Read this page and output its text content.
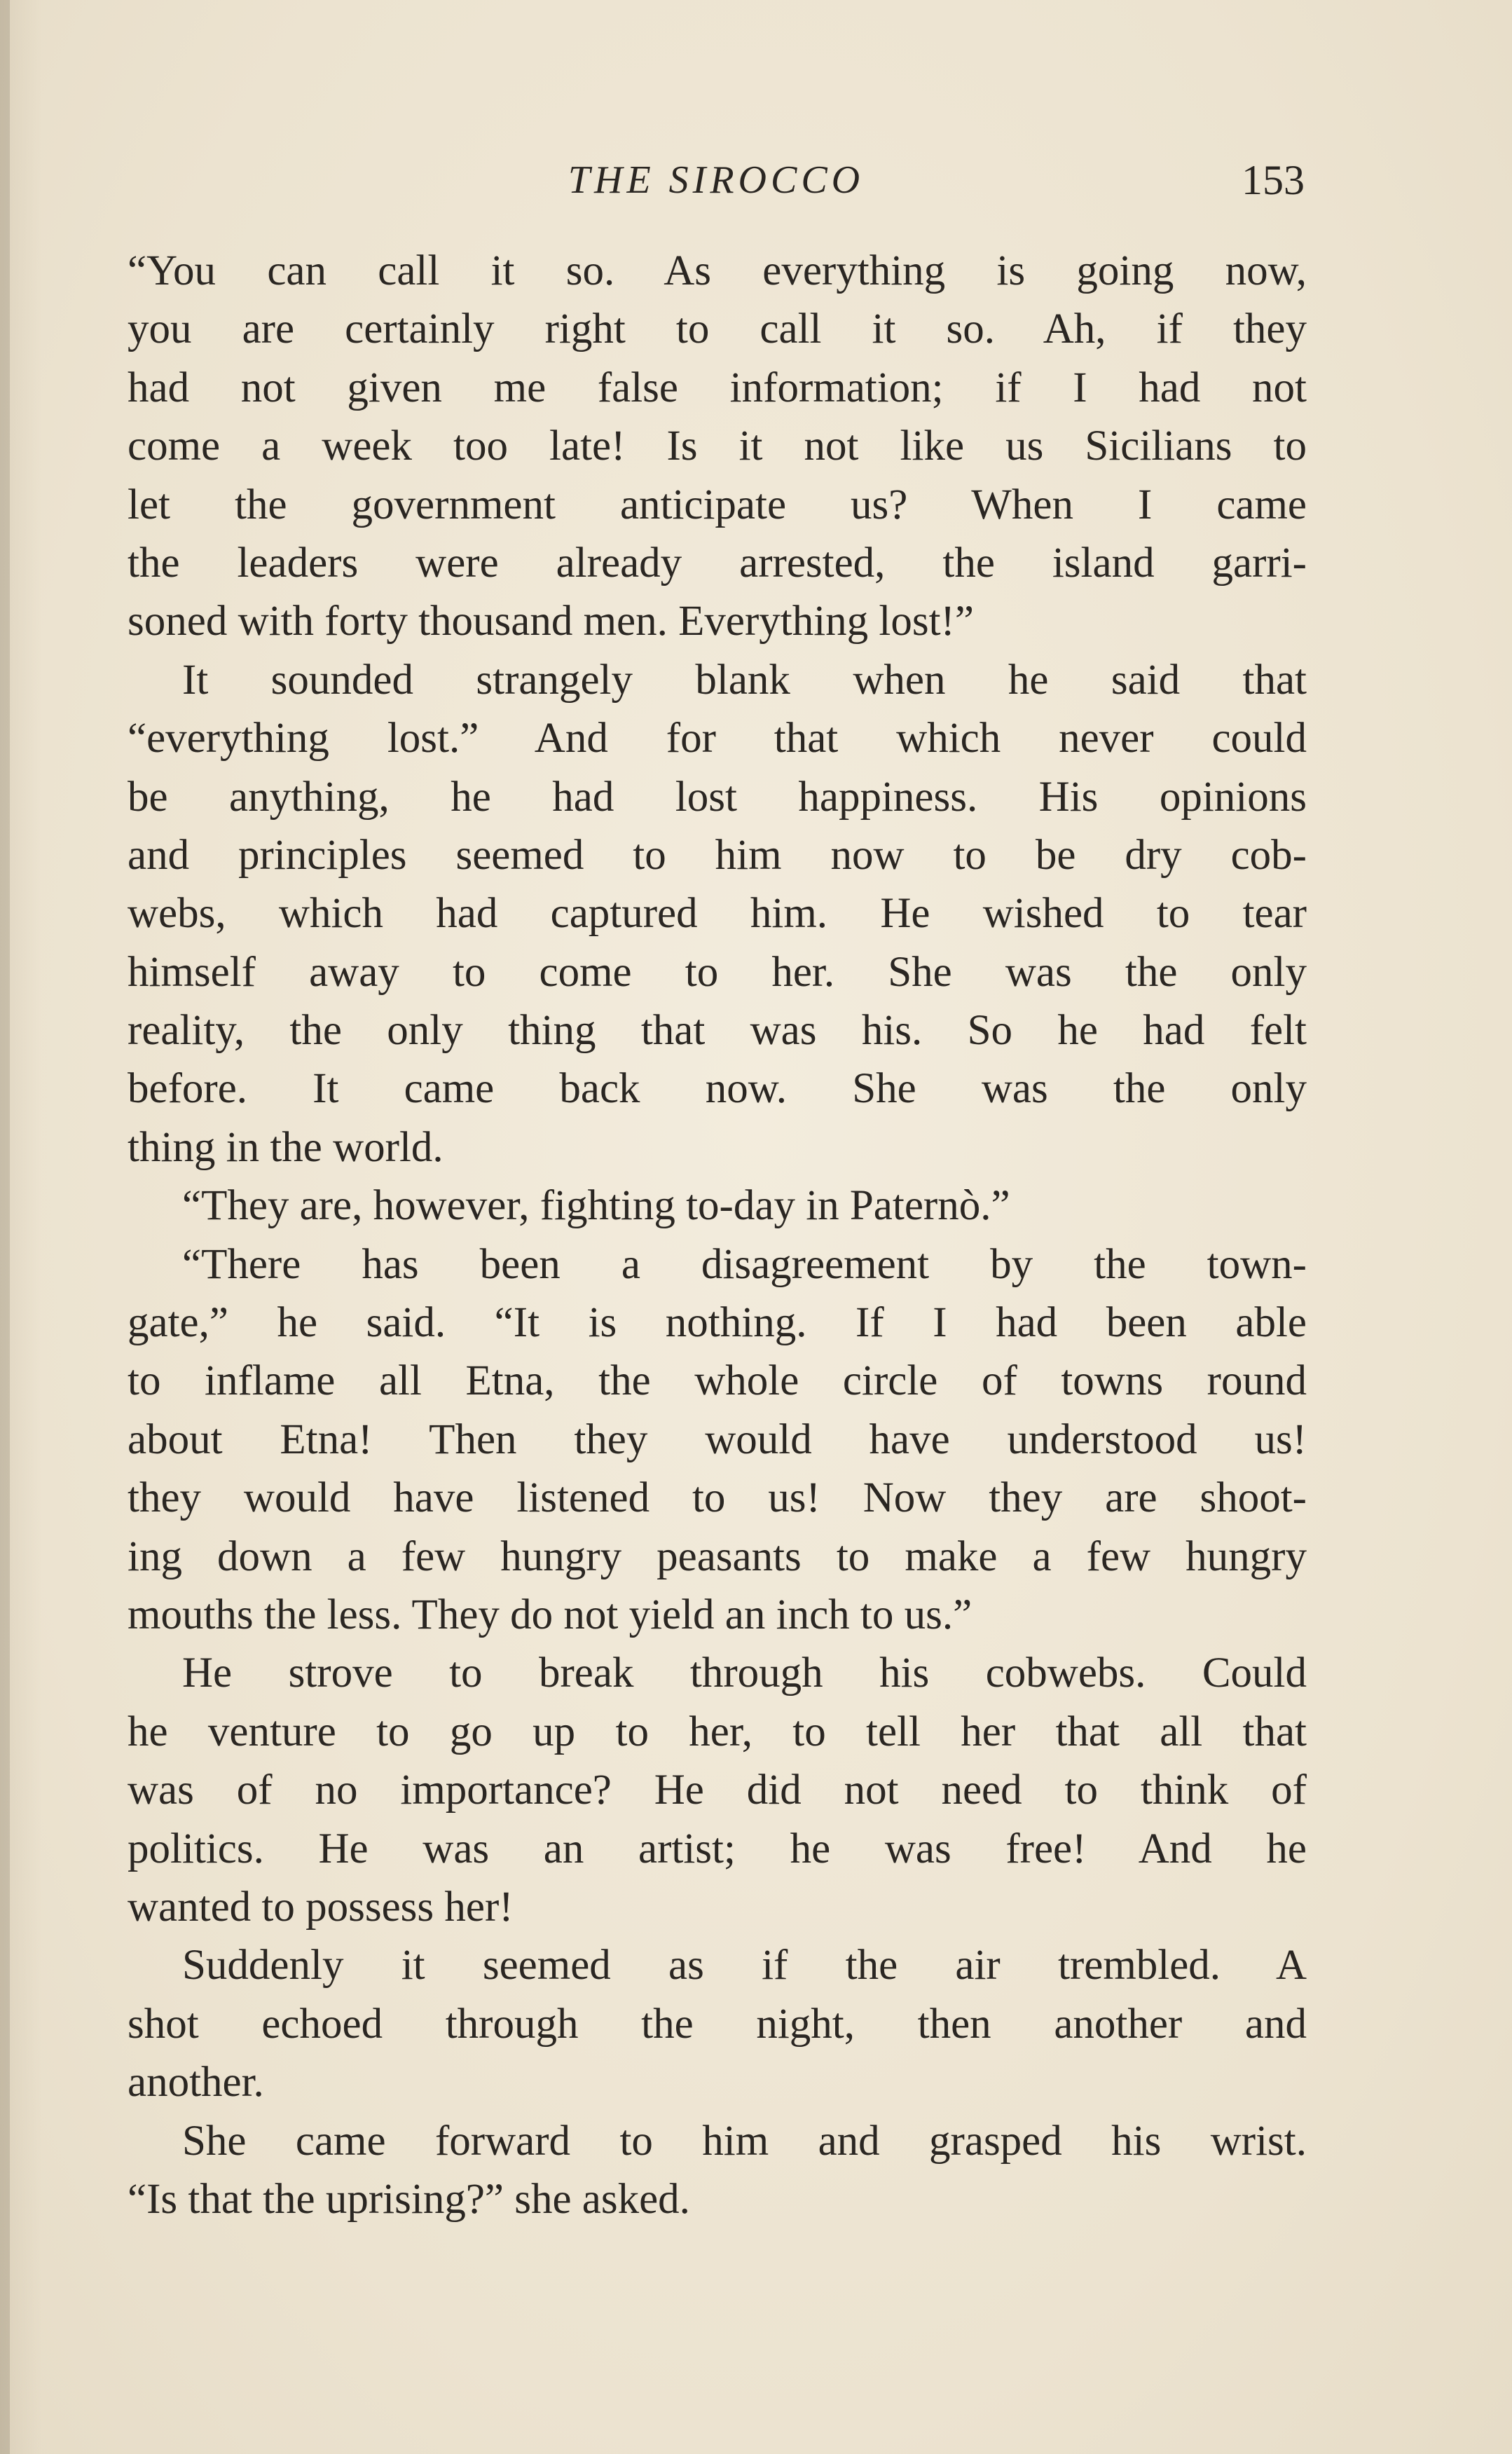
THE SIROCCO	153
“You can call it so. As everything is going now,
you are certainly right to call it so. Ah, if they
had not given me false information; if I had not
come a week too late! Is it not like us Sicilians to
let the government anticipate us? When I came
the leaders were already arrested, the island garri-
soned with forty thousand men. Everything lost!”
It sounded strangely blank when he said that
“everything lost.” And for that which never could
be anything, he had lost happiness. His opinions
and principles seemed to him now to be dry cob-
webs, which had captured him. He wished to tear
himself away to come to her. She was the only
reality, the only thing that was his. So he had felt
before. It came back now. She was the only
thing in the world.
“They are, however, fighting to-day in Paternò.”
“There has been a disagreement by the town-
gate,” he said. “It is nothing. If I had been able
to inflame all Etna, the whole circle of towns round
about Etna! Then they would have understood us!
they would have listened to us! Now they are shoot-
ing down a few hungry peasants to make a few hungry
mouths the less. They do not yield an inch to us.”
He strove to break through his cobwebs. Could
he venture to go up to her, to tell her that all that
was of no importance? He did not need to think of
politics. He was an artist; he was free! And he
wanted to possess her!
Suddenly it seemed as if the air trembled. A
shot echoed through the night, then another and
another.
She came forward to him and grasped his wrist.
“Is that the uprising?” she asked.
